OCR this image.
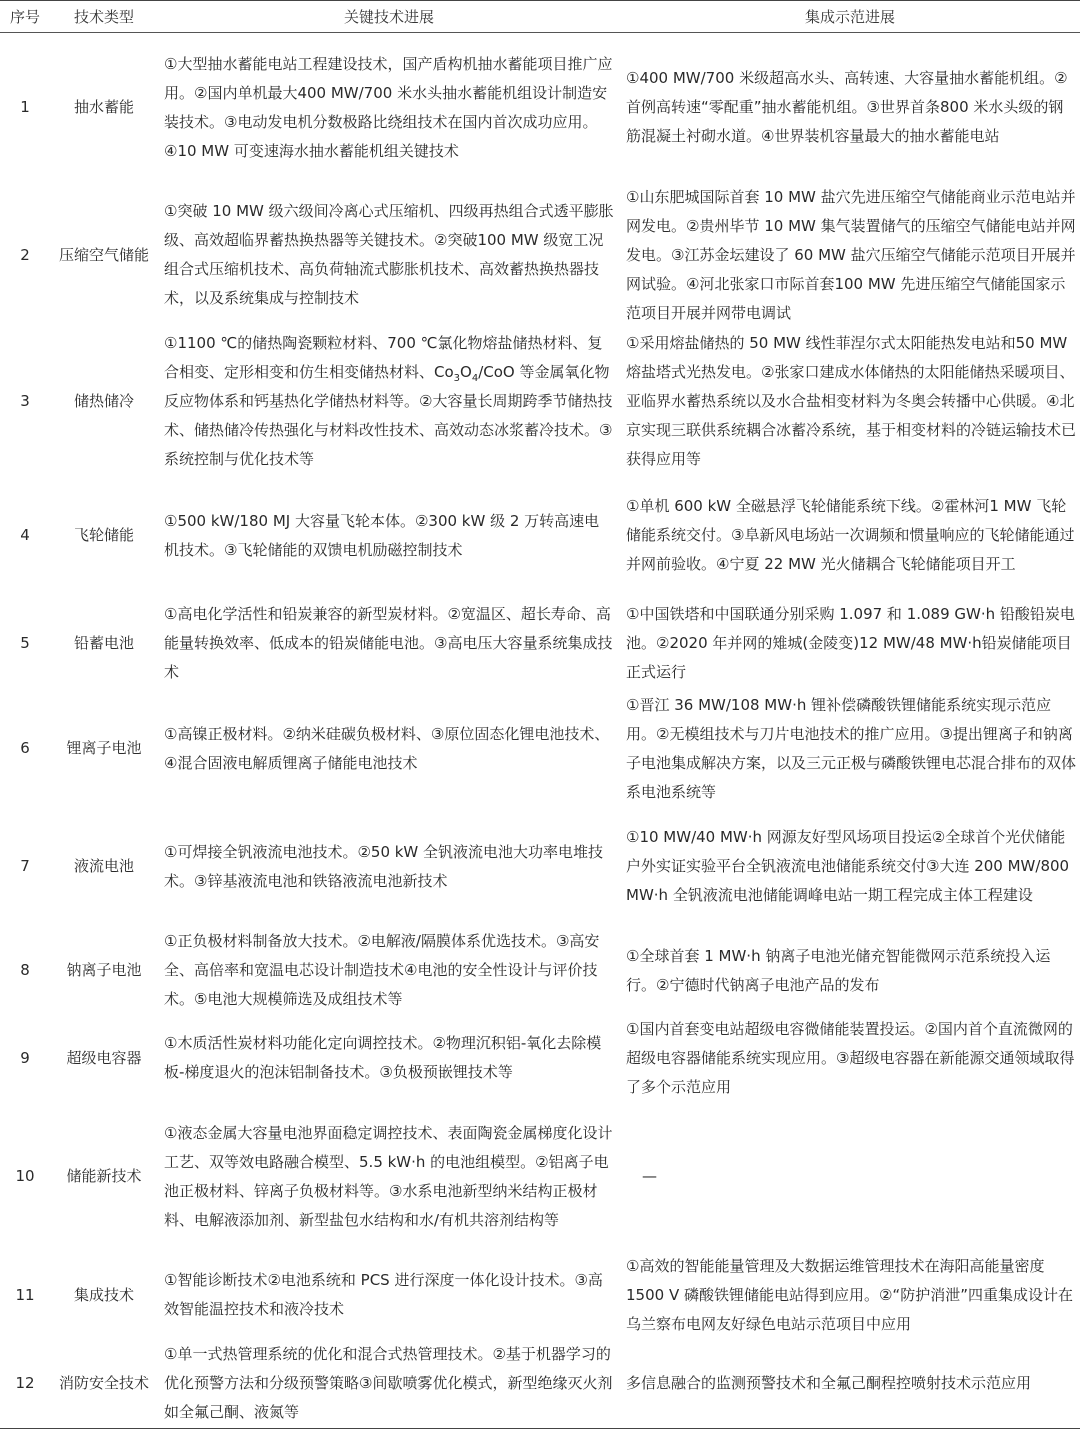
序号	技术类型	关键技术进展	集成示范进展
1	抽水蓄能	①大型抽水蓄能电站工程建设技术，国产盾构机抽水蓄能项目推广应用。②国内单机最大400 MW/700 米水头抽水蓄能机组设计制造安装技术。③电动发电机分数极路比绕组技术在国内首次成功应用。④10 MW 可变速海水抽水蓄能机组关键技术	①400 MW/700 米级超高水头、高转速、大容量抽水蓄能机组。②首例高转速“零配重”抽水蓄能机组。③世界首条800 米水头级的钢筋混凝土衬砌水道。④世界装机容量最大的抽水蓄能电站
2	压缩空气储能	①突破 10 MW 级六级间冷离心式压缩机、四级再热组合式透平膨胀级、高效超临界蓄热换热器等关键技术。②突破100 MW 级宽工况组合式压缩机技术、高负荷轴流式膨胀机技术、高效蓄热换热器技术，以及系统集成与控制技术	①山东肥城国际首套 10 MW 盐穴先进压缩空气储能商业示范电站并网发电。②贵州毕节 10 MW 集气装置储气的压缩空气储能电站并网发电。③江苏金坛建设了 60 MW 盐穴压缩空气储能示范项目开展并网试验。④河北张家口市际首套100 MW 先进压缩空气储能国家示范项目开展并网带电调试
3	储热储冷	①1100 ℃的储热陶瓷颗粒材料、700 ℃氯化物熔盐储热材料、复合相变、定形相变和仿生相变储热材料、$Co_3O_4$/CoO 等金属氧化物反应物体系和钙基热化学储热材料等。②大容量长周期跨季节储热技术、储热储冷传热强化与材料改性技术、高效动态冰浆蓄冷技术。③系统控制与优化技术等	①采用熔盐储热的 50 MW 线性菲涅尔式太阳能热发电站和50 MW 熔盐塔式光热发电。②张家口建成水体储热的太阳能储热采暖项目、亚临界水蓄热系统以及水合盐相变材料为冬奥会转播中心供暖。④北京实现三联供系统耦合冰蓄冷系统，基于相变材料的冷链运输技术已获得应用等
4	飞轮储能	①500 kW/180 MJ 大容量飞轮本体。②300 kW 级 2 万转高速电机技术。③飞轮储能的双馈电机励磁控制技术	①单机 600 kW 全磁悬浮飞轮储能系统下线。②霍林河1 MW 飞轮储能系统交付。③阜新风电场站一次调频和惯量响应的飞轮储能通过并网前验收。④宁夏 22 MW 光火储耦合飞轮储能项目开工
5	铅蓄电池	①高电化学活性和铅炭兼容的新型炭材料。②宽温区、超长寿命、高能量转换效率、低成本的铅炭储能电池。③高电压大容量系统集成技术	①中国铁塔和中国联通分别采购 1.097 和 1.089 GW·h 铅酸铅炭电池。②2020 年并网的雉城(金陵变)12 MW/48 MW·h铅炭储能项目正式运行
6	锂离子电池	①高镍正极材料。②纳米硅碳负极材料、③原位固态化锂电池技术、④混合固液电解质锂离子储能电池技术	①晋江 36 MW/108 MW·h 锂补偿磷酸铁锂储能系统实现示范应用。②无模组技术与刀片电池技术的推广应用。③提出锂离子和钠离子电池集成解决方案，以及三元正极与磷酸铁锂电芯混合排布的双体系电池系统等
7	液流电池	①可焊接全钒液流电池技术。②50 kW 全钒液流电池大功率电堆技术。③锌基液流电池和铁铬液流电池新技术	①10 MW/40 MW·h 网源友好型风场项目投运②全球首个光伏储能户外实证实验平台全钒液流电池储能系统交付③大连 200 MW/800 MW·h 全钒液流电池储能调峰电站一期工程完成主体工程建设
8	钠离子电池	①正负极材料制备放大技术。②电解液/隔膜体系优选技术。③高安全、高倍率和宽温电芯设计制造技术④电池的安全性设计与评价技术。⑤电池大规模筛选及成组技术等	①全球首套 1 MW·h 钠离子电池光储充智能微网示范系统投入运行。②宁德时代钠离子电池产品的发布
9	超级电容器	①木质活性炭材料功能化定向调控技术。②物理沉积铝-氧化去除模板-梯度退火的泡沫铝制备技术。③负极预嵌锂技术等	①国内首套变电站超级电容微储能装置投运。②国内首个直流微网的超级电容器储能系统实现应用。③超级电容器在新能源交通领域取得了多个示范应用
10	储能新技术	①液态金属大容量电池界面稳定调控技术、表面陶瓷金属梯度化设计工艺、双等效电路融合模型、5.5 kW·h 的电池组模型。②铝离子电池正极材料、锌离子负极材料等。③水系电池新型纳米结构正极材料、电解液添加剂、新型盐包水结构和水/有机共溶剂结构等	—
11	集成技术	①智能诊断技术②电池系统和 PCS 进行深度一体化设计技术。③高效智能温控技术和液冷技术	①高效的智能能量管理及大数据运维管理技术在海阳高能量密度 1500 V 磷酸铁锂储能电站得到应用。②“防护消泄”四重集成设计在乌兰察布电网友好绿色电站示范项目中应用
12	消防安全技术	①单一式热管理系统的优化和混合式热管理技术。②基于机器学习的优化预警方法和分级预警策略③间歇喷雾优化模式，新型绝缘灭火剂如全氟己酮、液氮等	多信息融合的监测预警技术和全氟己酮程控喷射技术示范应用
